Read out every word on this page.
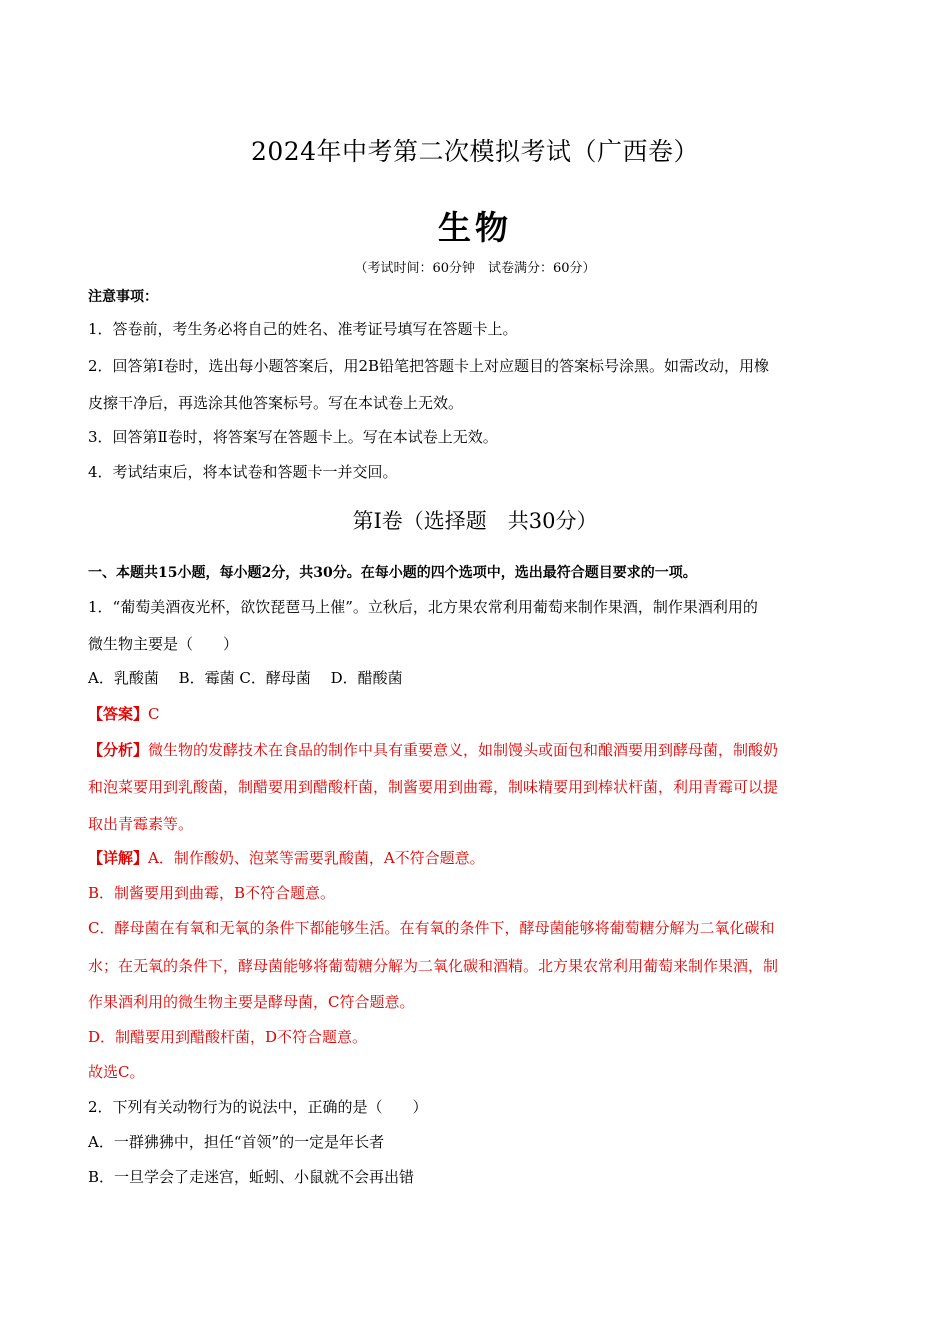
2024年中考第二次模拟考试（广西卷）
生物
（考试时间：60分钟　试卷满分：60分）
注意事项：
1．答卷前，考生务必将自己的姓名、准考证号填写在答题卡上。
2．回答第Ⅰ卷时，选出每小题答案后，用2B铅笔把答题卡上对应题目的答案标号涂黑。如需改动，用橡
皮擦干净后，再选涂其他答案标号。写在本试卷上无效。
3．回答第Ⅱ卷时，将答案写在答题卡上。写在本试卷上无效。
4．考试结束后，将本试卷和答题卡一并交回。
第Ⅰ卷（选择题　共30分）
一、本题共15小题，每小题2分，共30分。在每小题的四个选项中，选出最符合题目要求的一项。
1．“葡萄美酒夜光杯，欲饮琵琶马上催”。立秋后，北方果农常利用葡萄来制作果酒，制作果酒利用的
微生物主要是（　　）
A．乳酸菌　 B．霉菌 C．酵母菌　 D．醋酸菌
【答案】C
【分析】微生物的发酵技术在食品的制作中具有重要意义，如制馒头或面包和酿酒要用到酵母菌，制酸奶
和泡菜要用到乳酸菌，制醋要用到醋酸杆菌，制酱要用到曲霉，制味精要用到棒状杆菌，利用青霉可以提
取出青霉素等。
【详解】A．制作酸奶、泡菜等需要乳酸菌，A不符合题意。
B．制酱要用到曲霉，B不符合题意。
C．酵母菌在有氧和无氧的条件下都能够生活。在有氧的条件下，酵母菌能够将葡萄糖分解为二氧化碳和
水；在无氧的条件下，酵母菌能够将葡萄糖分解为二氧化碳和酒精。北方果农常利用葡萄来制作果酒，制
作果酒利用的微生物主要是酵母菌，C符合题意。
D．制醋要用到醋酸杆菌，D不符合题意。
故选C。
2．下列有关动物行为的说法中，正确的是（　　）
A．一群狒狒中，担任“首领”的一定是年长者
B．一旦学会了走迷宫，蚯蚓、小鼠就不会再出错
